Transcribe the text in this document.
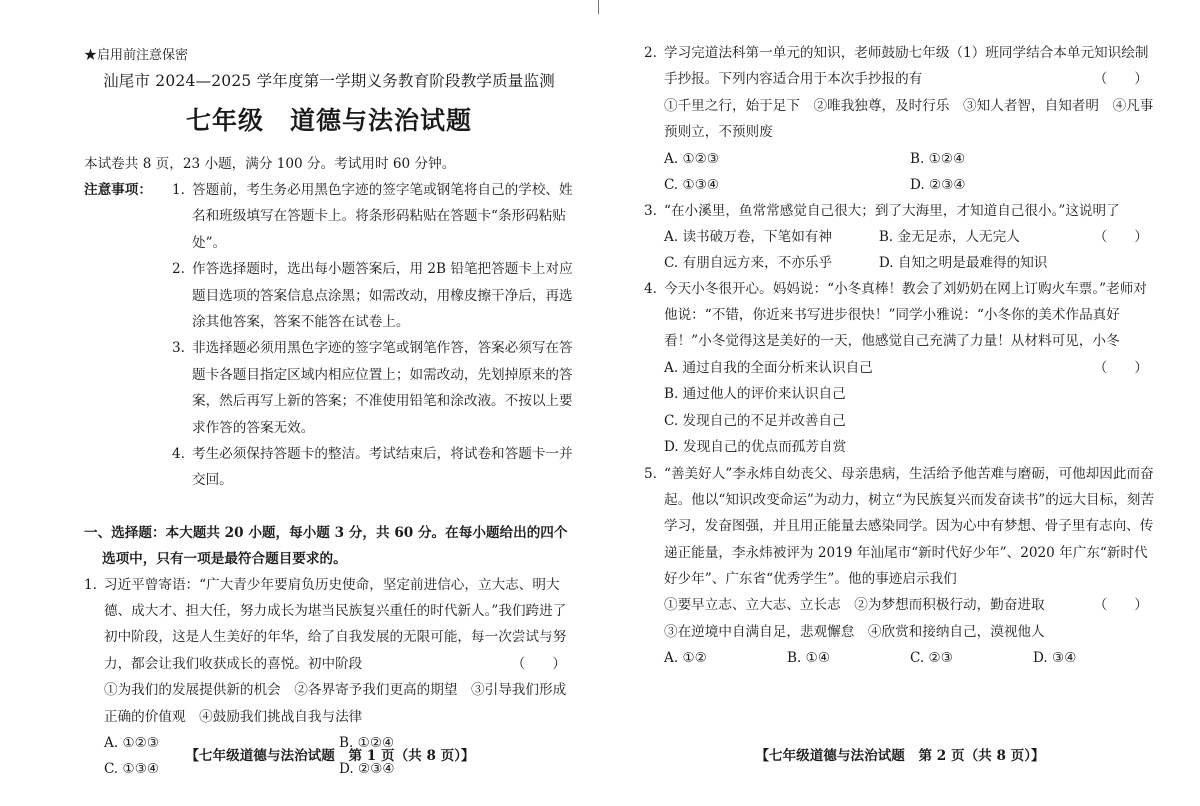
★启用前注意保密
汕尾市 2024—2025 学年度第一学期义务教育阶段教学质量监测
七年级 道德与法治试题
本试卷共 8 页，23 小题，满分 100 分。考试用时 60 分钟。
注意事项： 1. 答题前，考生务必用黑色字迹的签字笔或钢笔将自己的学校、姓名和班级填写在答题卡上。将条形码粘贴在答题卡“条形码粘贴处”。
2. 作答选择题时，选出每小题答案后，用 2B 铅笔把答题卡上对应题目选项的答案信息点涂黑；如需改动，用橡皮擦干净后，再选涂其他答案，答案不能答在试卷上。
3. 非选择题必须用黑色字迹的签字笔或钢笔作答，答案必须写在答题卡各题目指定区域内相应位置上；如需改动，先划掉原来的答案，然后再写上新的答案；不准使用铅笔和涂改液。不按以上要求作答的答案无效。
4. 考生必须保持答题卡的整洁。考试结束后，将试卷和答题卡一并交回。
一、选择题：本大题共 20 小题，每小题 3 分，共 60 分。在每小题给出的四个选项中，只有一项是最符合题目要求的。
1. 习近平曾寄语：“广大青少年要肩负历史使命，坚定前进信心，立大志、明大德、成大才、担大任，努力成长为堪当民族复兴重任的时代新人。”我们跨进了初中阶段，这是人生美好的年华，给了自我发展的无限可能，每一次尝试与努力，都会让我们收获成长的喜悦。初中阶段	（　　）
①为我们的发展提供新的机会　②各界寄予我们更高的期望　③引导我们形成正确的价值观　④鼓励我们挑战自我与法律
A. ①②③	B. ①②④
C. ①③④	D. ②③④
【七年级道德与法治试题　第 1 页（共 8 页）】
2. 学习完道法科第一单元的知识，老师鼓励七年级（1）班同学结合本单元知识绘制手抄报。下列内容适合用于本次手抄报的有	（　　）
①千里之行，始于足下　②唯我独尊，及时行乐　③知人者智，自知者明　④凡事预则立，不预则废
A. ①②③	B. ①②④
C. ①③④	D. ②③④
3. “在小溪里，鱼常常感觉自己很大；到了大海里，才知道自己很小。”这说明了
（　　）
A. 读书破万卷，下笔如有神	B. 金无足赤，人无完人
C. 有朋自远方来，不亦乐乎	D. 自知之明是最难得的知识
4. 今天小冬很开心。妈妈说：“小冬真棒！教会了刘奶奶在网上订购火车票。”老师对他说：“不错，你近来书写进步很快！”同学小雅说：“小冬你的美术作品真好看！”小冬觉得这是美好的一天，他感觉自己充满了力量！从材料可见，小冬
（　　）
A. 通过自我的全面分析来认识自己
B. 通过他人的评价来认识自己
C. 发现自己的不足并改善自己
D. 发现自己的优点而孤芳自赏
5. “善美好人”李永炜自幼丧父、母亲患病，生活给予他苦难与磨砺，可他却因此而奋起。他以“知识改变命运”为动力，树立“为民族复兴而发奋读书”的远大目标，刻苦学习，发奋图强，并且用正能量去感染同学。因为心中有梦想、骨子里有志向、传递正能量，李永炜被评为 2019 年汕尾市“新时代好少年”、2020 年广东“新时代好少年”、广东省“优秀学生”。他的事迹启示我们
①要早立志、立大志、立长志　②为梦想而积极行动，勤奋进取	（　　）
③在逆境中自满自足，悲观懈怠　④欣赏和接纳自己，漠视他人
A. ①②	B. ①④	C. ②③	D. ③④
【七年级道德与法治试题　第 2 页（共 8 页）】
